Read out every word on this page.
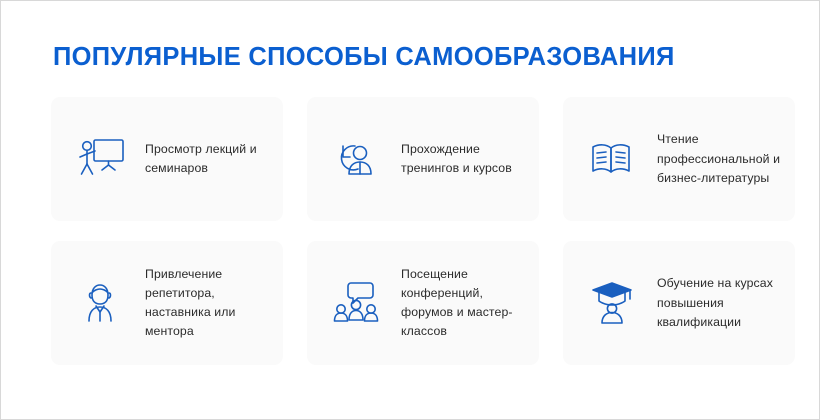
ПОПУЛЯРНЫЕ СПОСОБЫ САМООБРАЗОВАНИЯ
Просмотр лекций и семинаров
Прохождение тренингов и курсов
Чтение профессиональной и бизнес-литературы
Привлечение репетитора, наставника или ментора
Посещение конференций, форумов и мастер-классов
Обучение на курсах повышения квалификации
